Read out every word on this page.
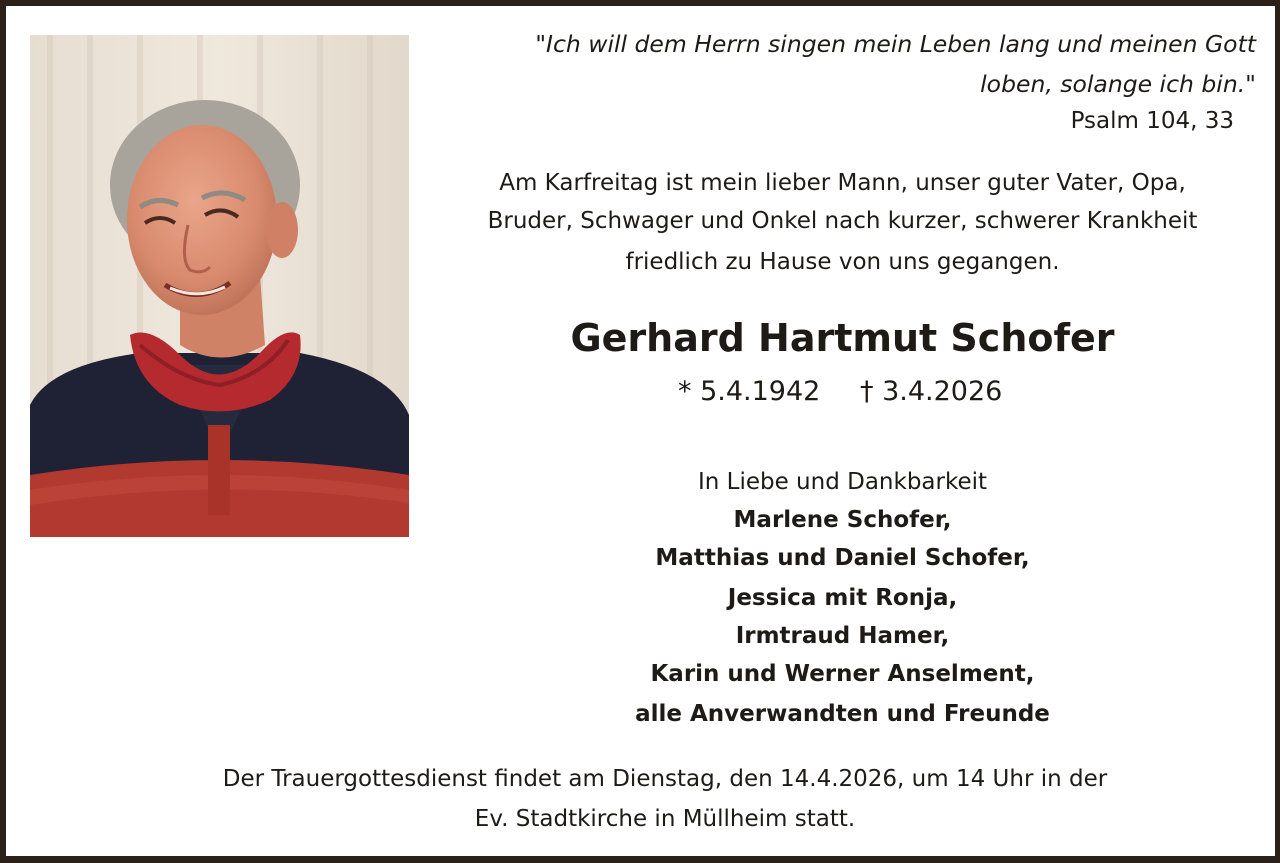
"Ich will dem Herrn singen mein Leben lang und meinen Gott
loben, solange ich bin."
Psalm 104, 33
Am Karfreitag ist mein lieber Mann, unser guter Vater, Opa,
Bruder, Schwager und Onkel nach kurzer, schwerer Krankheit
friedlich zu Hause von uns gegangen.
Gerhard Hartmut Schofer
* 5.4.1942 † 3.4.2026
In Liebe und Dankbarkeit
Marlene Schofer,
Matthias und Daniel Schofer,
Jessica mit Ronja,
Irmtraud Hamer,
Karin und Werner Anselment,
alle Anverwandten und Freunde
Der Trauergottesdienst findet am Dienstag, den 14.4.2026, um 14 Uhr in der
Ev. Stadtkirche in Müllheim statt.
